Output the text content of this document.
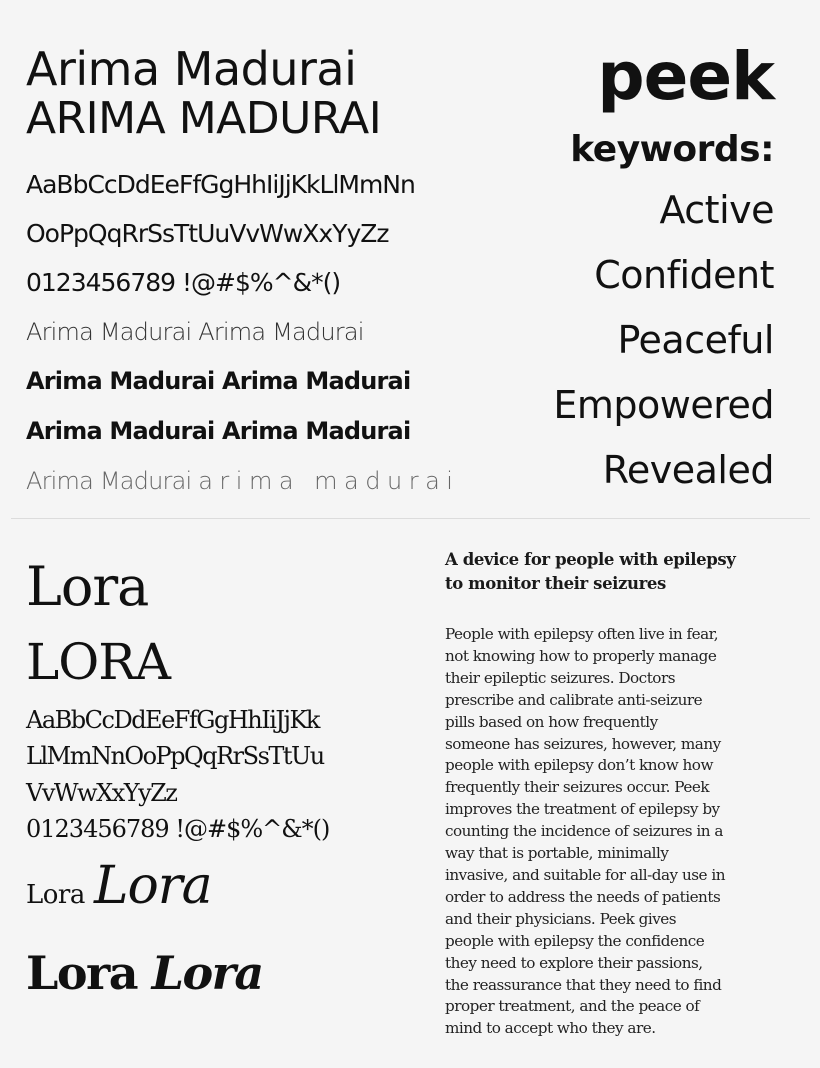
Arima Madurai

ARIMA MADURAI

AaBbCcDdEeFfGgHhIiJjKkLlMmNn

OoPpQqRrSsTtUuVvWwXxYyZz

0123456789 !@#$%^&*()

Arima Madurai Arima Madurai

Arima Madurai Arima Madurai

Arima Madurai Arima Madurai

Arima Madurai arima madurai

peek
keywords:
Active
Confident
Peaceful
Empowered
Revealed

Lora

LORA

AaBbCcDdEeFfGgHhIiJjKk

LlMmNnOoPpQqRrSsTtUu

VvWwXxYyZz

0123456789 !@#$%^&*()

Lora Lora

Lora Lora

A device for people with epilepsy
to monitor their seizures

People with epilepsy often live in fear,
not knowing how to properly manage
their epileptic seizures. Doctors
prescribe and calibrate anti-seizure
pills based on how frequently
someone has seizures, however, many
people with epilepsy don’t know how
frequently their seizures occur. Peek
improves the treatment of epilepsy by
counting the incidence of seizures in a
way that is portable, minimally
invasive, and suitable for all-day use in
order to address the needs of patients
and their physicians. Peek gives
people with epilepsy the confidence
they need to explore their passions,
the reassurance that they need to find
proper treatment, and the peace of
mind to accept who they are.
